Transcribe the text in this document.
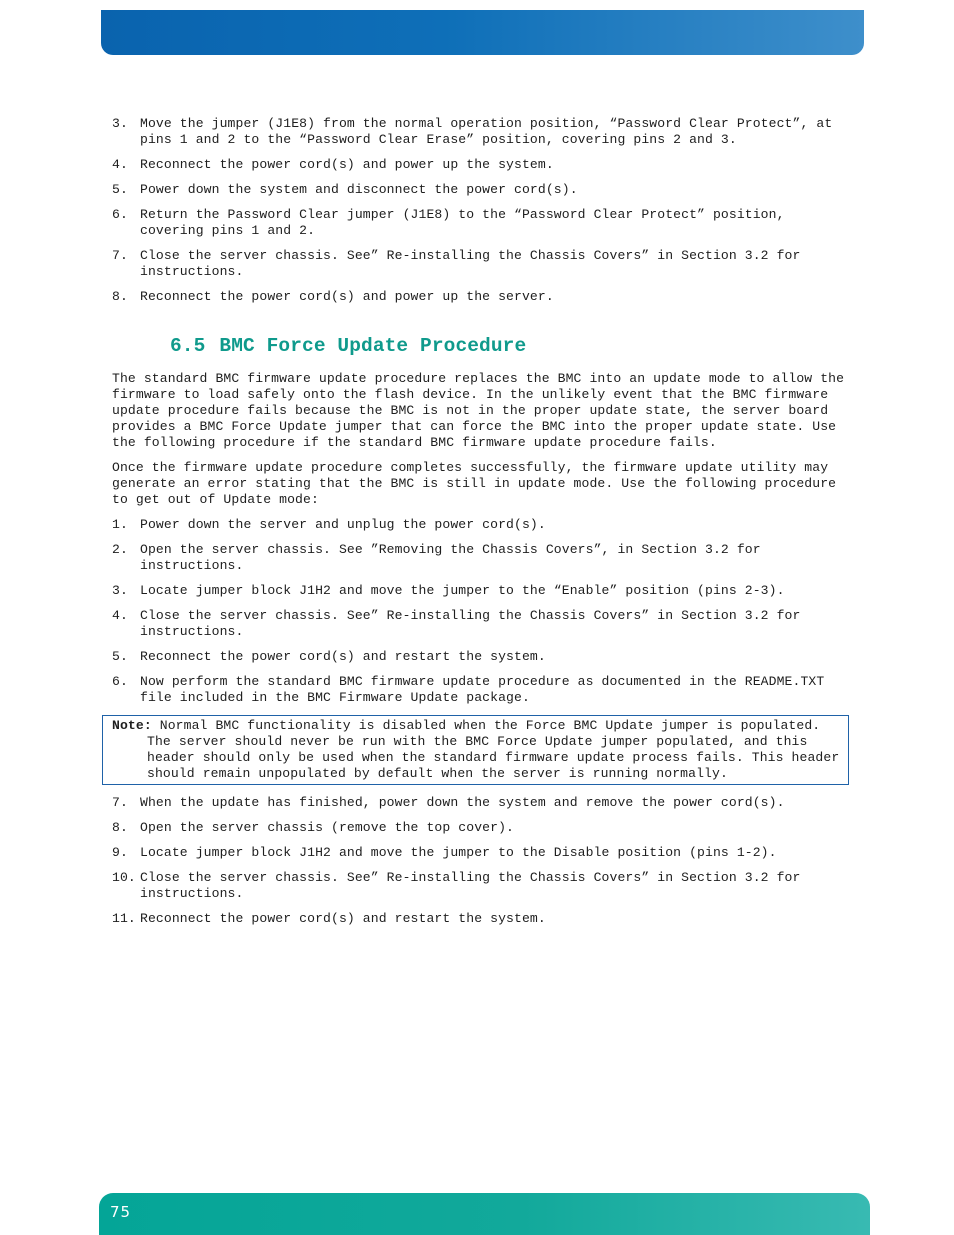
3. Move the jumper (J1E8) from the normal operation position, “Password Clear Protect”, at pins 1 and 2 to the “Password Clear Erase” position, covering pins 2 and 3.
4. Reconnect the power cord(s) and power up the system.
5. Power down the system and disconnect the power cord(s).
6. Return the Password Clear jumper (J1E8) to the “Password Clear Protect” position, covering pins 1 and 2.
7. Close the server chassis. See” Re-installing the Chassis Covers” in Section 3.2 for instructions.
8. Reconnect the power cord(s) and power up the server.
6.5 BMC Force Update Procedure

The standard BMC firmware update procedure replaces the BMC into an update mode to allow the firmware to load safely onto the flash device. In the unlikely event that the BMC firmware update procedure fails because the BMC is not in the proper update state, the server board provides a BMC Force Update jumper that can force the BMC into the proper update state. Use the following procedure if the standard BMC firmware update procedure fails.

Once the firmware update procedure completes successfully, the firmware update utility may generate an error stating that the BMC is still in update mode. Use the following procedure to get out of Update mode:

1. Power down the server and unplug the power cord(s).
2. Open the server chassis. See ”Removing the Chassis Covers”, in Section 3.2 for instructions.
3. Locate jumper block J1H2 and move the jumper to the “Enable” position (pins 2-3).
4. Close the server chassis. See” Re-installing the Chassis Covers” in Section 3.2 for instructions.
5. Reconnect the power cord(s) and restart the system.
6. Now perform the standard BMC firmware update procedure as documented in the README.TXT file included in the BMC Firmware Update package.

Note: Normal BMC functionality is disabled when the Force BMC Update jumper is populated. The server should never be run with the BMC Force Update jumper populated, and this header should only be used when the standard firmware update process fails. This header should remain unpopulated by default when the server is running normally.

7. When the update has finished, power down the system and remove the power cord(s).
8. Open the server chassis (remove the top cover).
9. Locate jumper block J1H2 and move the jumper to the Disable position (pins 1-2).
10. Close the server chassis. See” Re-installing the Chassis Covers” in Section 3.2 for instructions.
11. Reconnect the power cord(s) and restart the system.
75
